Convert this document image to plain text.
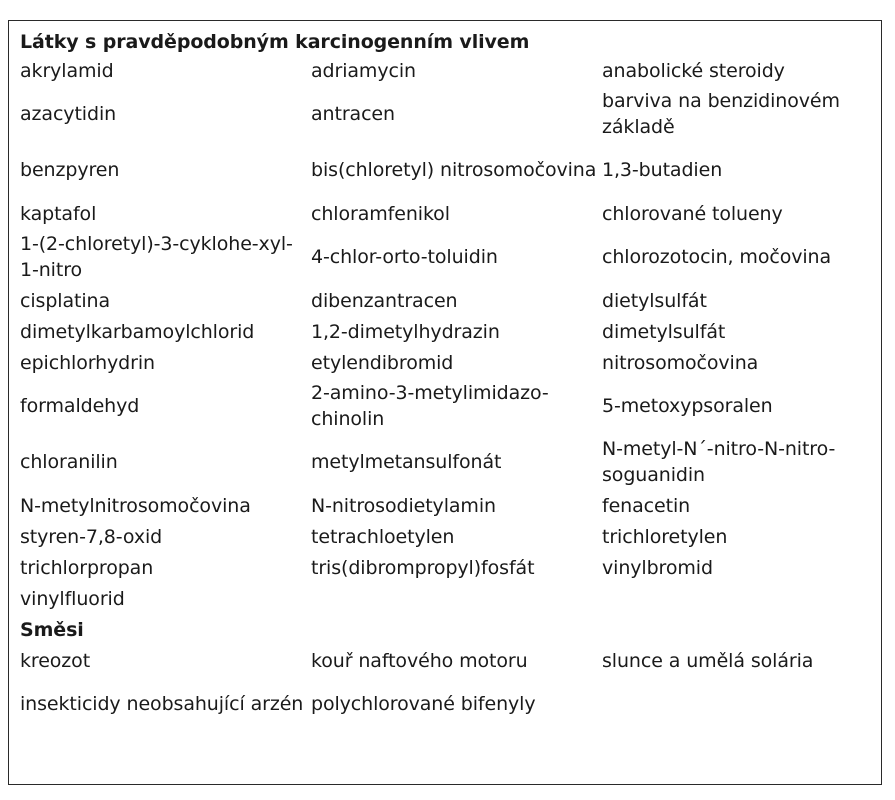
Látky s pravděpodobným karcinogenním vlivem		
akrylamid	adriamycin	anabolické steroidy
azacytidin	antracen	barviva na benzidinovém základě
benzpyren	bis(chloretyl) nitrosomočovina	1,3-butadien
kaptafol	chloramfenikol	chlorované tolueny
1-(2-chloretyl)-3-cyklohe-xyl-1-nitro	4-chlor-orto-toluidin	chlorozotocin, močovina
cisplatina	dibenzantracen	dietylsulfát
dimetylkarbamoylchlorid	1,2-dimetylhydrazin	dimetylsulfát
epichlorhydrin	etylendibromid	nitrosomočovina
formaldehyd	2-amino-3-metylimidazo-chinolin	5-metoxypsoralen
chloranilin	metylmetansulfonát	N-metyl-N´-nitro-N-nitro-soguanidin
N-metylnitrosomočovina	N-nitrosodietylamin	fenacetin
styren-7,8-oxid	tetrachloetylen	trichloretylen
trichlorpropan	tris(dibrompropyl)fosfát	vinylbromid
vinylfluorid		
Směsi		
kreozot	kouř naftového motoru	slunce a umělá solária
insekticidy neobsahující arzén	polychlorované bifenyly	
